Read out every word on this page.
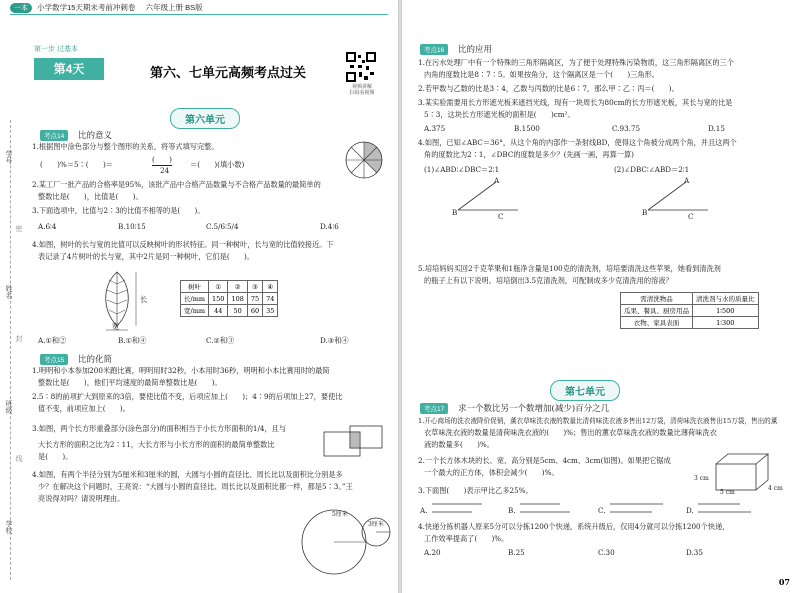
一本 小学数学15天期末考前冲刺卷 六年级上册 BS版
学号
姓名
班级
学校
密
封
线
第一步 过基本
第4天	第六、七单元高频考点过关
视频讲解
扫码看视频
第六单元
考点14	比的意义
1.根据图中涂色部分与整个图形的关系，将等式填写完整。
(　　)%＝5∶(　　)＝
(　　)
24
＝(　　)(填小数)
2.某工厂一批产品的合格率是95%，该批产品中合格产品数量与不合格产品数量的最简单的
整数比是(　　)，比值是(　　)。
3.下面选项中，比值与2∶3的比值不相等的是(　　)。
A.6∶4	B.10∶15	C.5/6∶5/4	D.4∶6
4.如图，树叶的长与宽的比值可以反映树叶的形状特征。同一种树叶，长与宽的比值较接近。下
表记录了4片树叶的长与宽，其中2片是同一种树叶，它们是(　　)。
长
宽
树叶	①	②	③	④
长/mm	150	108	75	74
宽/mm	44	50	60	35
A.①和②	B.①和④	C.②和③	D.③和④
考点15	比的化简
1.明明和小本参加200米跑比赛，明明用时32秒，小本用时36秒，明明和小本比赛用时的最简
整数比是(　　)，他们平均速度的最简单整数比是(　　)。
2.5∶8的前项扩大到原来的3倍，要使比值不变，后项应加上(　　)；4∶9的后项加上27，要使比
值不变，前项应加上(　　)。
3.如图，两个长方形重叠部分(涂色部分)的面积相当于小长方形面积的1/4，且与
大长方形的面积之比为2∶11，大长方形与小长方形的面积的最简单整数比
是(　　)。
4.如图，有两个半径分别为5厘米和3厘米的圆，大圆与小圆的直径比、周长比以及面积比分别是多
少？在解决这个问题时，王亮说：“大圆与小圆的直径比、周长比以及面积比都一样，都是5∶3。”王
亮说得对吗？请说明理由。
5厘米
3厘米
考点16	比的应用
1.在污水处理厂中有一个特殊的三角形隔离区，为了便于处理特殊污染物质，这三角形隔离区的三个
内角的度数比是8∶7∶5。如果按角分，这个隔离区是一个(　　)三角形。
2.若甲数与乙数的比是3∶4，乙数与丙数的比是6∶7，那么甲∶乙∶丙＝(　　)。
3.某实验需要用长方形遮光板来遮挡光线，现有一块周长为80cm的长方形遮光板，其长与宽的比是
5∶3，这块长方形遮光板的面积是(　　)cm²。
A.375	B.1500	C.93.75	D.15
4.如图，已知∠ABC＝36°，从这个角的内部作一条射线BD，使得这个角被分成两个角，并且这两个
角的度数比为2∶1，∠DBC的度数是多少？(先画一画，再算一算)
(1)∠ABD∶∠DBC＝2∶1	(2)∠DBC∶∠ABD＝2∶1
A
B	C
A
B	C
5.培培妈妈买回2千克苹果和1瓶净含量是100克的清洗剂，培培要清洗这些苹果，她看到清洗剂
的瓶子上有以下说明。培培倒出3.5克清洗剂，可配制成多少克清洗用的溶液？
需清洗物品	清洗剂与水的质量比
瓜果、餐具、厨房用品	1∶500
衣物、家具表面	1∶300
第七单元
考点17	求一个数比另一个数增加(减少)百分之几
1.开心商场的洗衣液降价促销，薰衣草味洗衣液的数量比清荷味洗衣液多售出12万袋，清荷味洗衣液售出15万袋，售出的薰
衣草味洗衣液的数量是清荷味洗衣液的(　　)%；售出的薰衣草味洗衣液的数量比薄荷味洗衣
液的数量多(　　)%。
2.一个长方体木块的长、宽、高分别是5cm、4cm、3cm(如图)。如果把它锯成
一个最大的正方体，体积会减少(　　)%。
3 cm
5 cm
4 cm
3.下面图(　　)表示甲比乙多25%。
A.	B.	C.	D.
4.快递分拣机器人原来5分可以分拣1200个快递，系统升级后，仅用4分就可以分拣1200个快递，
工作效率提高了(　　)%。
A.20	B.25	C.30	D.35
07
